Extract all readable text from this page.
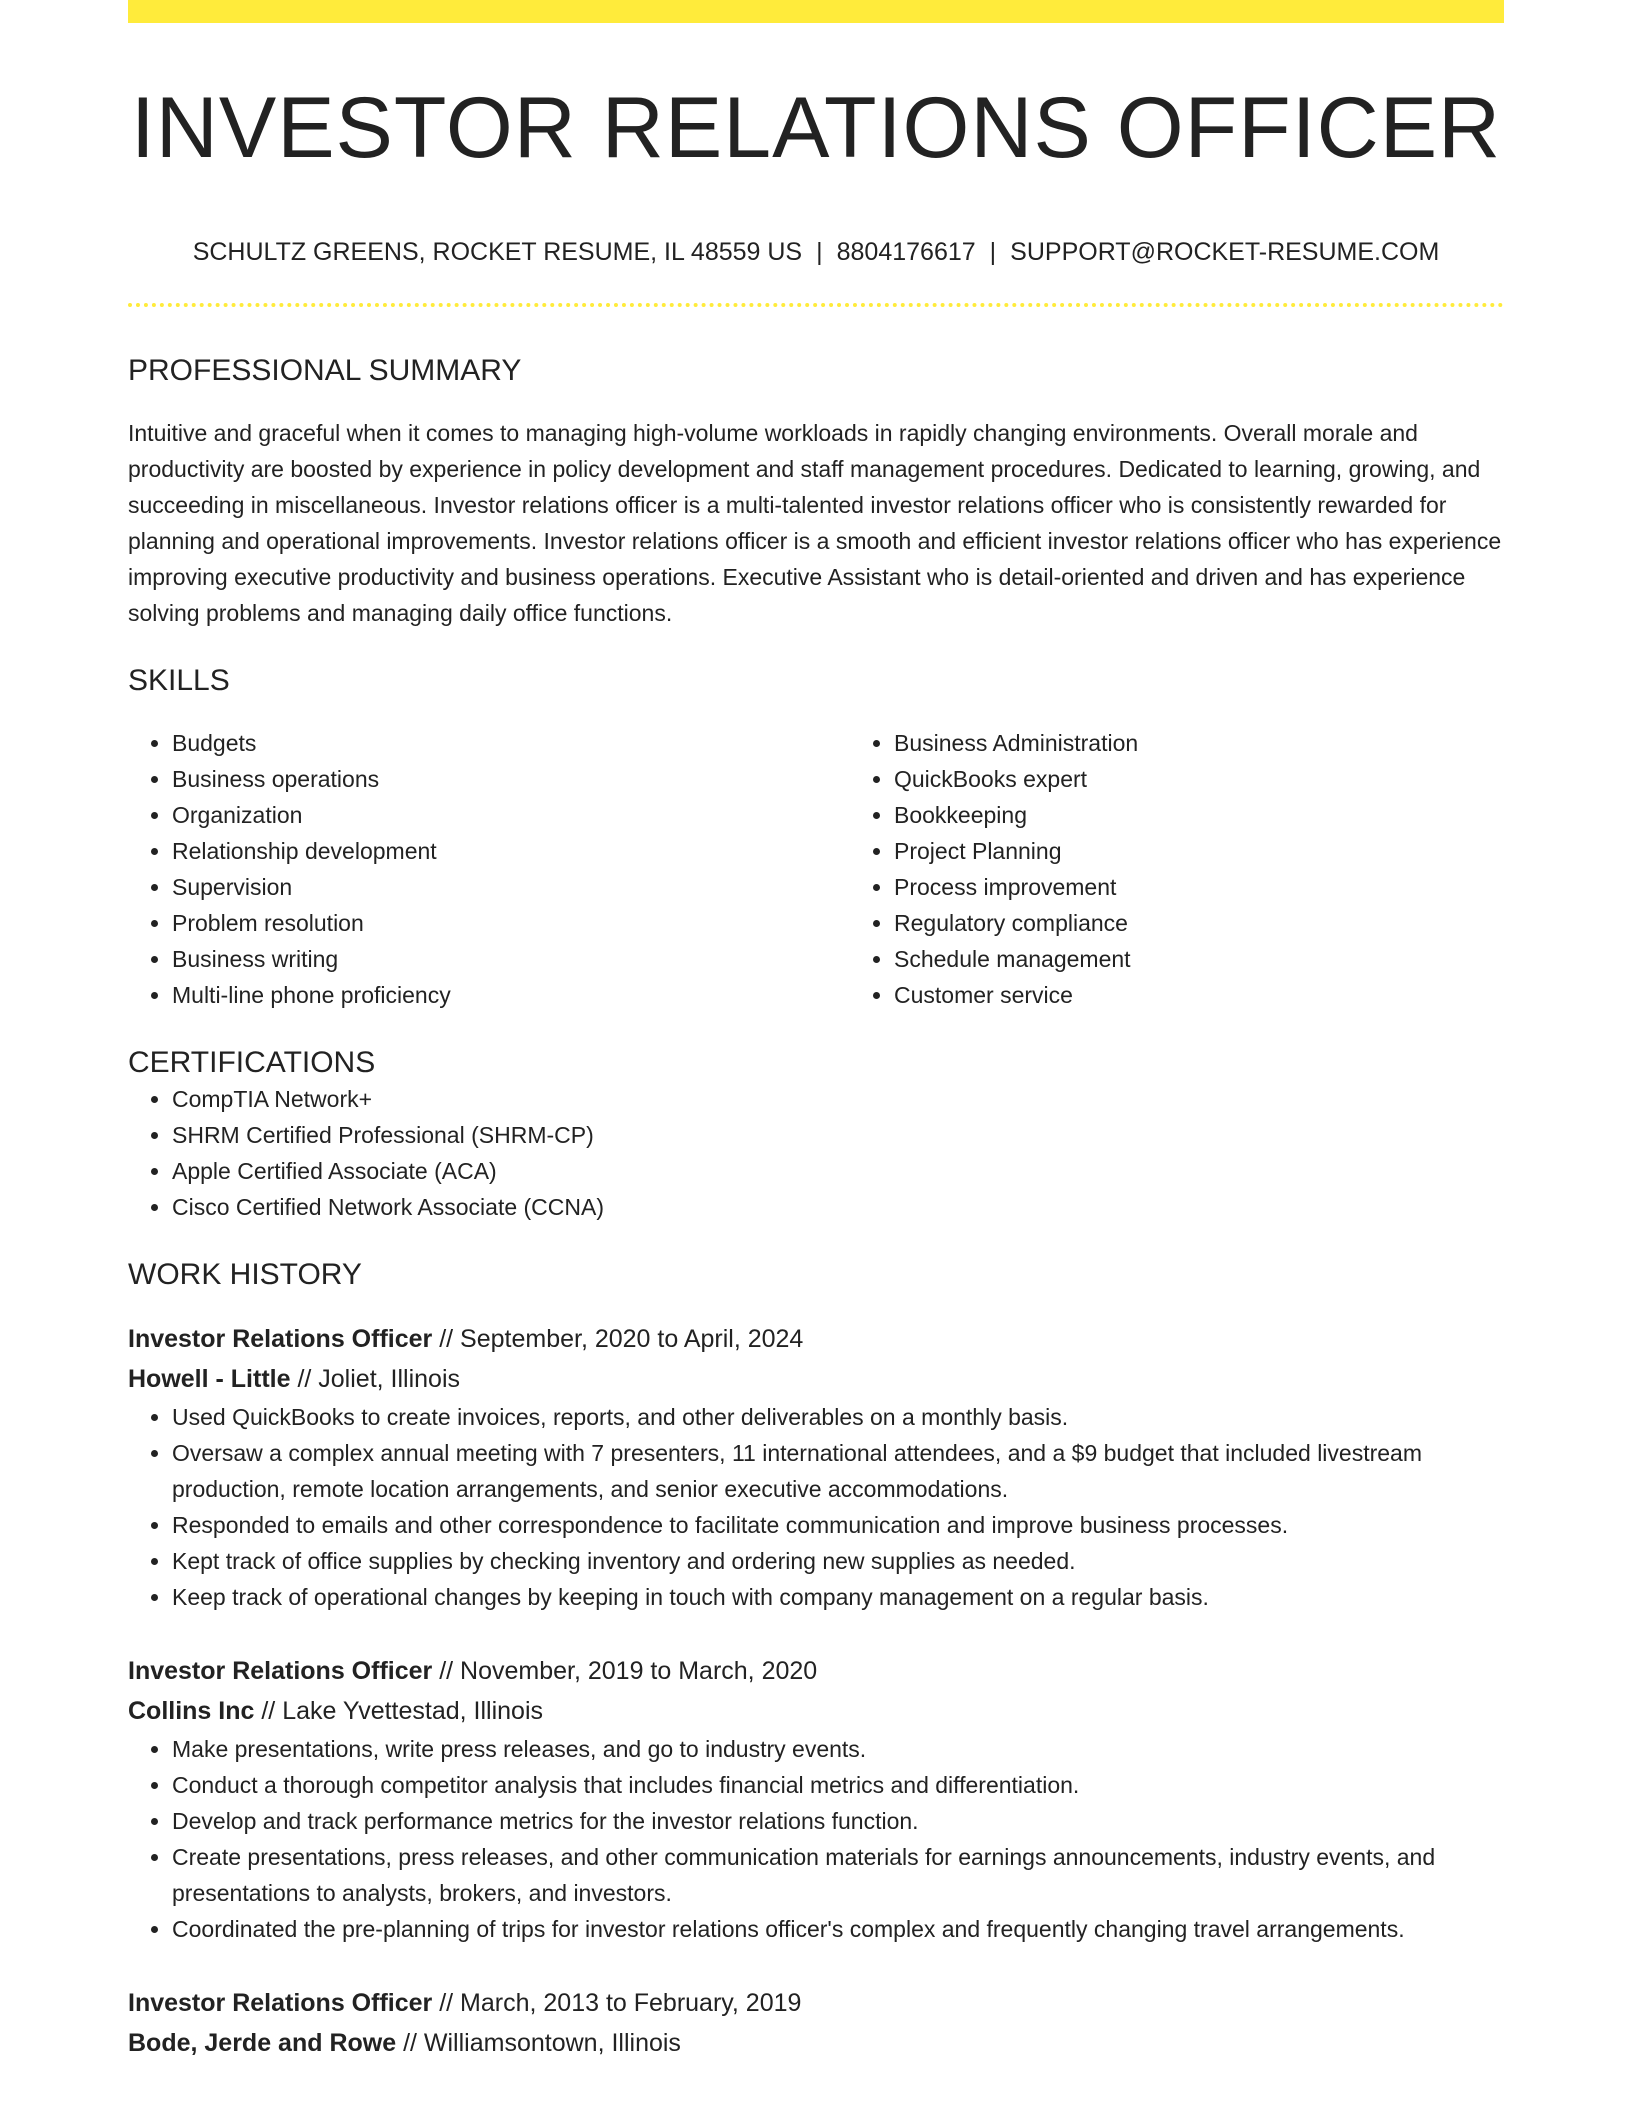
INVESTOR RELATIONS OFFICER
SCHULTZ GREENS, ROCKET RESUME, IL 48559 US | 8804176617 | SUPPORT@ROCKET-RESUME.COM
PROFESSIONAL SUMMARY

Intuitive and graceful when it comes to managing high-volume workloads in rapidly changing environments. Overall morale and productivity are boosted by experience in policy development and staff management procedures. Dedicated to learning, growing, and succeeding in miscellaneous. Investor relations officer is a multi-talented investor relations officer who is consistently rewarded for planning and operational improvements. Investor relations officer is a smooth and efficient investor relations officer who has experience improving executive productivity and business operations. Executive Assistant who is detail-oriented and driven and has experience solving problems and managing daily office functions.

SKILLS
• Budgets
• Business operations
• Organization
• Relationship development
• Supervision
• Problem resolution
• Business writing
• Multi-line phone proficiency
• Business Administration
• QuickBooks expert
• Bookkeeping
• Project Planning
• Process improvement
• Regulatory compliance
• Schedule management
• Customer service
CERTIFICATIONS
• CompTIA Network+
• SHRM Certified Professional (SHRM-CP)
• Apple Certified Associate (ACA)
• Cisco Certified Network Associate (CCNA)
WORK HISTORY
Investor Relations Officer // September, 2020 to April, 2024
Howell - Little // Joliet, Illinois
• Used QuickBooks to create invoices, reports, and other deliverables on a monthly basis.
• Oversaw a complex annual meeting with 7 presenters, 11 international attendees, and a $9 budget that included livestream production, remote location arrangements, and senior executive accommodations.
• Responded to emails and other correspondence to facilitate communication and improve business processes.
• Kept track of office supplies by checking inventory and ordering new supplies as needed.
• Keep track of operational changes by keeping in touch with company management on a regular basis.
Investor Relations Officer // November, 2019 to March, 2020
Collins Inc // Lake Yvettestad, Illinois
• Make presentations, write press releases, and go to industry events.
• Conduct a thorough competitor analysis that includes financial metrics and differentiation.
• Develop and track performance metrics for the investor relations function.
• Create presentations, press releases, and other communication materials for earnings announcements, industry events, and presentations to analysts, brokers, and investors.
• Coordinated the pre-planning of trips for investor relations officer's complex and frequently changing travel arrangements.
Investor Relations Officer // March, 2013 to February, 2019
Bode, Jerde and Rowe // Williamsontown, Illinois
